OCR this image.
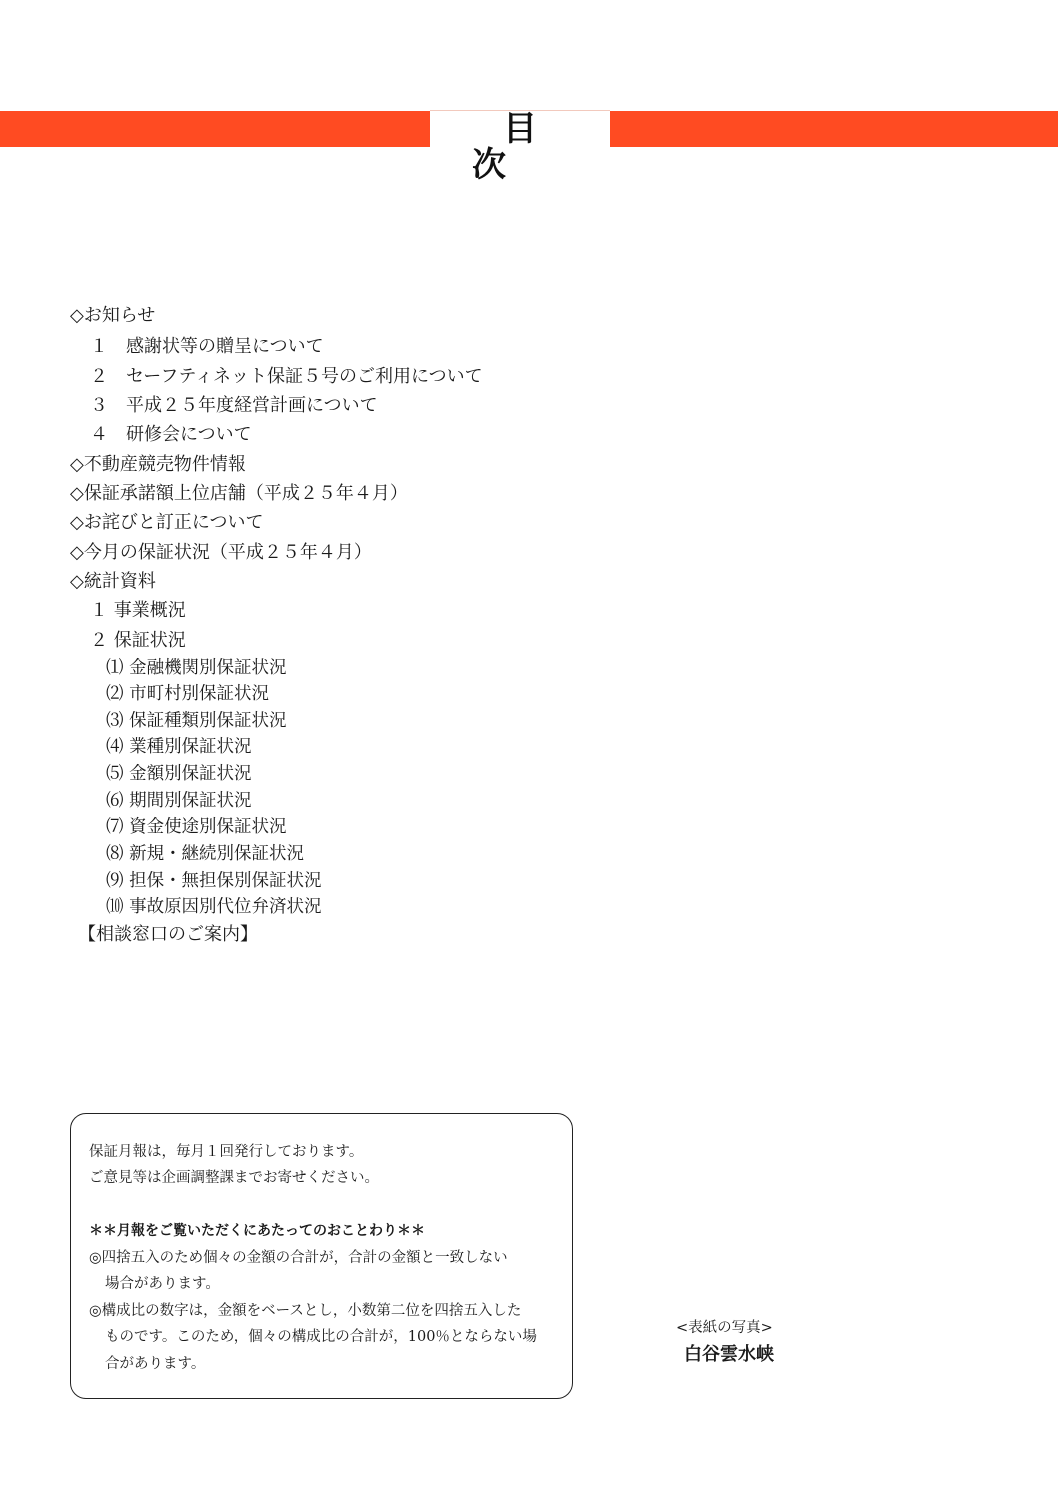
目次
◇お知らせ
１　感謝状等の贈呈について
２　セーフティネット保証５号のご利用について
３　平成２５年度経営計画について
４　研修会について
◇不動産競売物件情報
◇保証承諾額上位店舗（平成２５年４月）
◇お詫びと訂正について
◇今月の保証状況（平成２５年４月）
◇統計資料
１ 事業概況
２ 保証状況
⑴ 金融機関別保証状況
⑵ 市町村別保証状況
⑶ 保証種類別保証状況
⑷ 業種別保証状況
⑸ 金額別保証状況
⑹ 期間別保証状況
⑺ 資金使途別保証状況
⑻ 新規・継続別保証状況
⑼ 担保・無担保別保証状況
⑽ 事故原因別代位弁済状況
【相談窓口のご案内】
保証月報は，毎月１回発行しております。
ご意見等は企画調整課までお寄せください。
＊＊月報をご覧いただくにあたってのおことわり＊＊
◎四捨五入のため個々の金額の合計が，合計の金額と一致しない
場合があります。
◎構成比の数字は，金額をベースとし，小数第二位を四捨五入した
ものです。このため，個々の構成比の合計が，100％とならない場
合があります。
<表紙の写真>
白谷雲水峡
